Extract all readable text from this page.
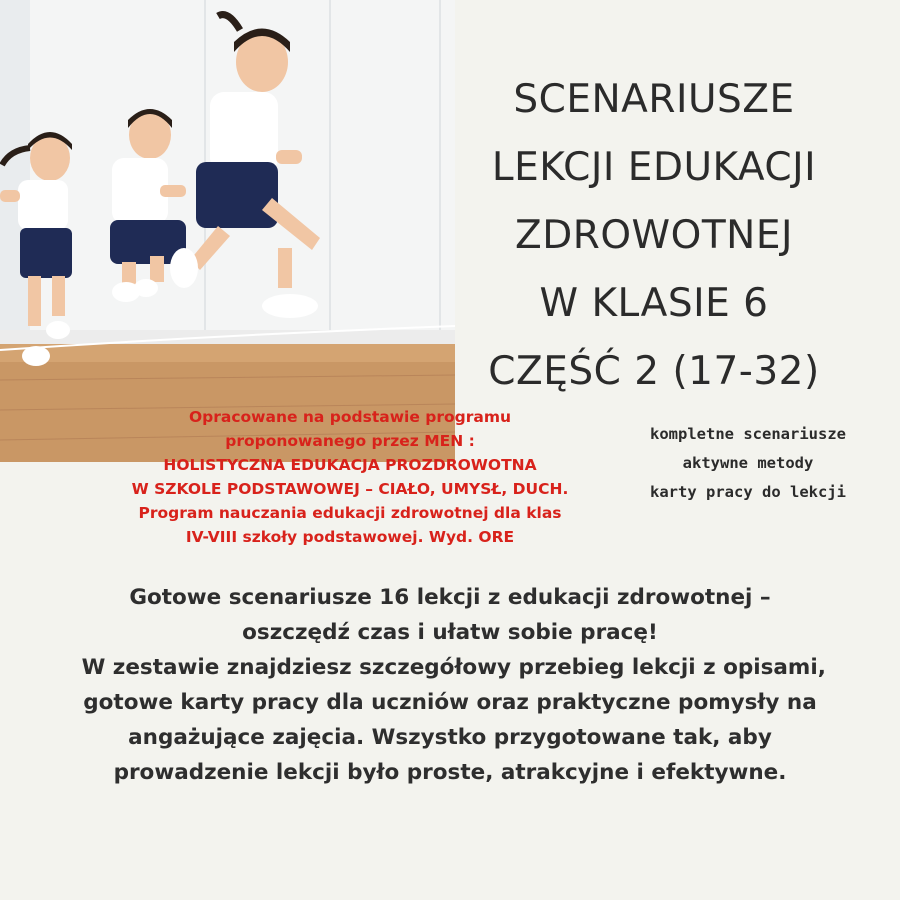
SCENARIUSZE
LEKCJI EDUKACJI
ZDROWOTNEJ
W KLASIE 6
CZĘŚĆ 2 (17-32)
kompletne scenariusze
aktywne metody
karty pracy do lekcji
Opracowane na podstawie programu
proponowanego przez MEN :
HOLISTYCZNA EDUKACJA PROZDROWOTNA
W SZKOLE PODSTAWOWEJ – CIAŁO, UMYSŁ, DUCH.
Program nauczania edukacji zdrowotnej dla klas
IV-VIII szkoły podstawowej. Wyd. ORE
Gotowe scenariusze 16 lekcji z edukacji zdrowotnej –
oszczędź czas i ułatw sobie pracę!
W zestawie znajdziesz szczegółowy przebieg lekcji z opisami,
gotowe karty pracy dla uczniów oraz praktyczne pomysły na
angażujące zajęcia. Wszystko przygotowane tak, aby
prowadzenie lekcji było proste, atrakcyjne i efektywne.
